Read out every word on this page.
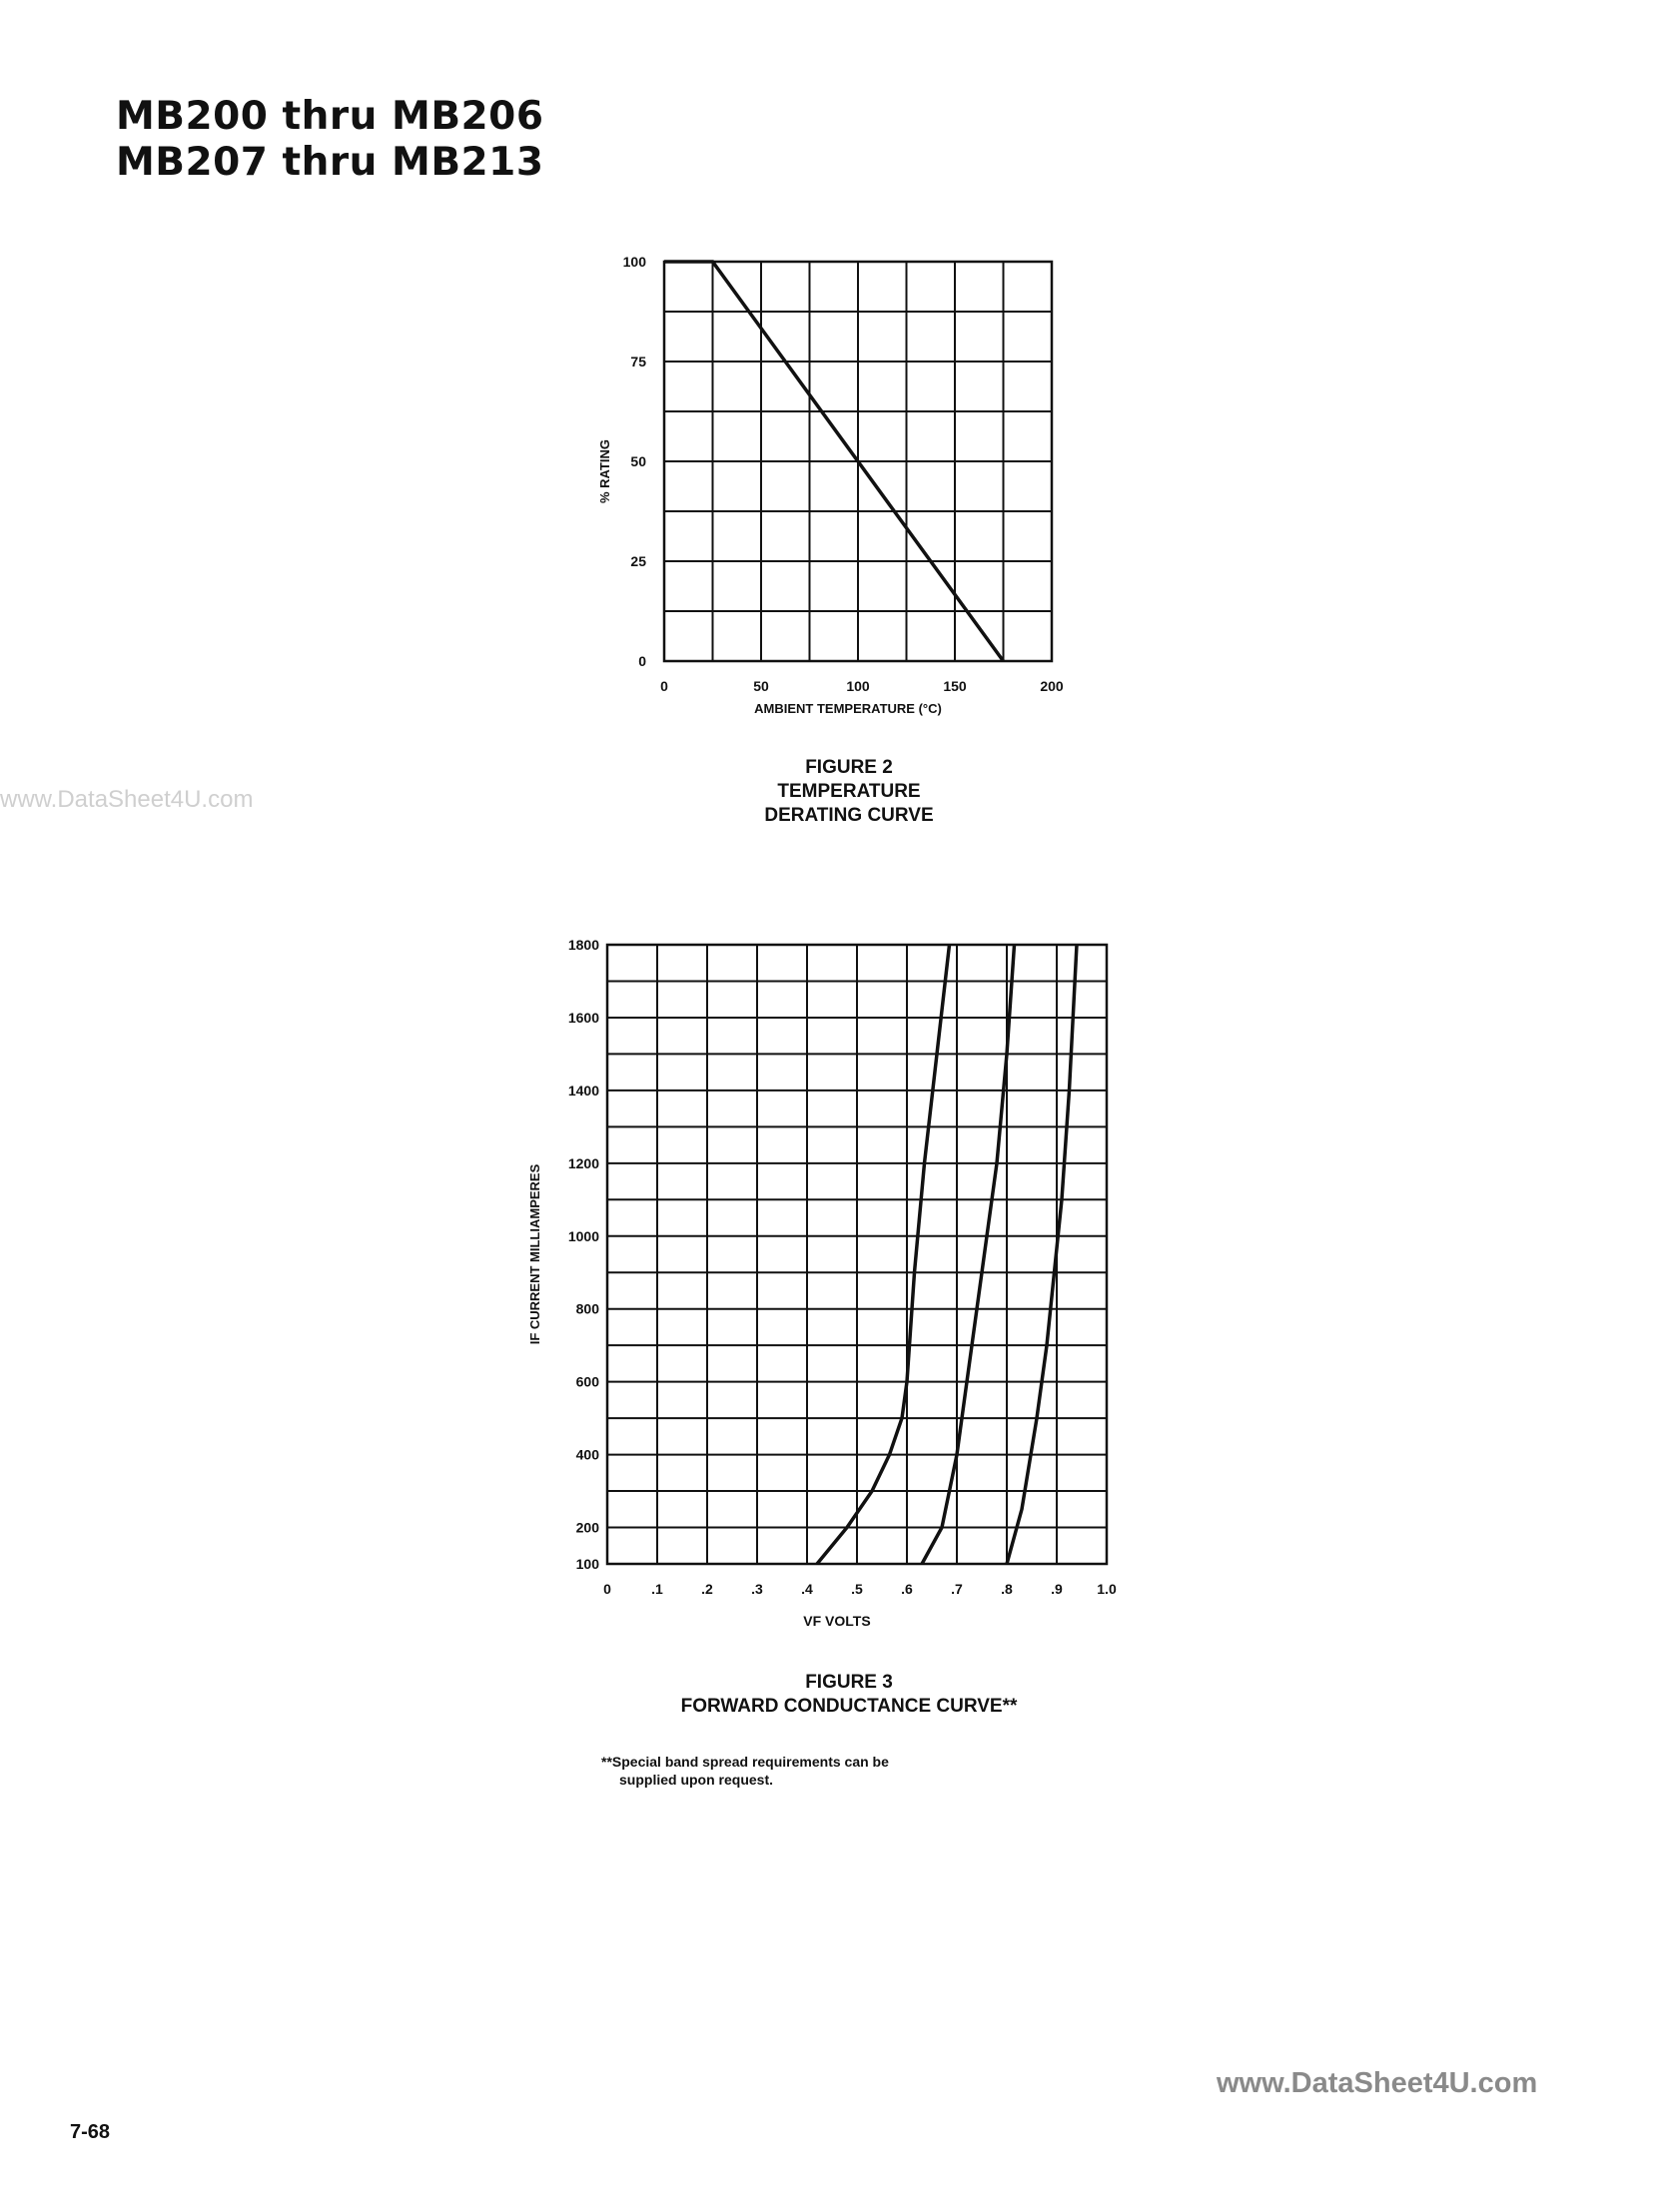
MB200 thru MB206
MB207 thru MB213
www.DataSheet4U.com
100
75
50
25
0
0	50	100	150	200
AMBIENT TEMPERATURE (°C)
% RATING
FIGURE 2
TEMPERATURE
DERATING CURVE
1800
1600
1400
1200
1000
800
600
400
200
100
0	.1	.2	.3	.4	.5	.6	.7	.8	.9 1.0
VF VOLTS
IF CURRENT MILLIAMPERES
FIGURE 3
FORWARD CONDUCTANCE CURVE**
**Special band spread requirements can be
supplied upon request.
www.DataSheet4U.com
7-68
